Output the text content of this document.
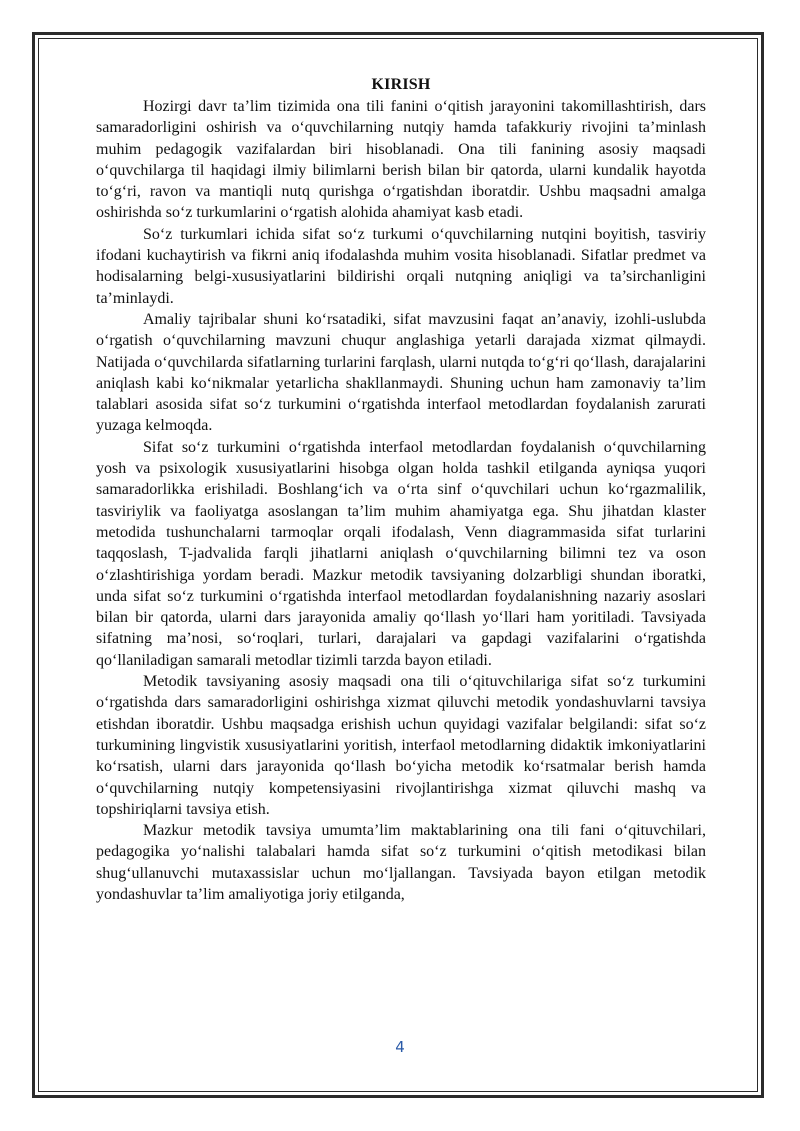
KIRISH

Hozirgi davr ta’lim tizimida ona tili fanini o‘qitish jarayonini takomillashtirish, dars samaradorligini oshirish va o‘quvchilarning nutqiy hamda tafakkuriy rivojini ta’minlash muhim pedagogik vazifalardan biri hisoblanadi. Ona tili fanining asosiy maqsadi o‘quvchilarga til haqidagi ilmiy bilimlarni berish bilan bir qatorda, ularni kundalik hayotda to‘g‘ri, ravon va mantiqli nutq qurishga o‘rgatishdan iboratdir. Ushbu maqsadni amalga oshirishda so‘z turkumlarini o‘rgatish alohida ahamiyat kasb etadi.

So‘z turkumlari ichida sifat so‘z turkumi o‘quvchilarning nutqini boyitish, tasviriy ifodani kuchaytirish va fikrni aniq ifodalashda muhim vosita hisoblanadi. Sifatlar predmet va hodisalarning belgi-xususiyatlarini bildirishi orqali nutqning aniqligi va ta’sirchanligini ta’minlaydi.

Amaliy tajribalar shuni ko‘rsatadiki, sifat mavzusini faqat an’anaviy, izohli-uslubda o‘rgatish o‘quvchilarning mavzuni chuqur anglashiga yetarli darajada xizmat qilmaydi. Natijada o‘quvchilarda sifatlarning turlarini farqlash, ularni nutqda to‘g‘ri qo‘llash, darajalarini aniqlash kabi ko‘nikmalar yetarlicha shakllanmaydi. Shuning uchun ham zamonaviy ta’lim talablari asosida sifat so‘z turkumini o‘rgatishda interfaol metodlardan foydalanish zarurati yuzaga kelmoqda.

Sifat so‘z turkumini o‘rgatishda interfaol metodlardan foydalanish o‘quvchilarning yosh va psixologik xususiyatlarini hisobga olgan holda tashkil etilganda ayniqsa yuqori samaradorlikka erishiladi. Boshlang‘ich va o‘rta sinf o‘quvchilari uchun ko‘rgazmalilik, tasviriylik va faoliyatga asoslangan ta’lim muhim ahamiyatga ega. Shu jihatdan klaster metodida tushunchalarni tarmoqlar orqali ifodalash, Venn diagrammasida sifat turlarini taqqoslash, T-jadvalida farqli jihatlarni aniqlash o‘quvchilarning bilimni tez va oson o‘zlashtirishiga yordam beradi. Mazkur metodik tavsiyaning dolzarbligi shundan iboratki, unda sifat so‘z turkumini o‘rgatishda interfaol metodlardan foydalanishning nazariy asoslari bilan bir qatorda, ularni dars jarayonida amaliy qo‘llash yo‘llari ham yoritiladi. Tavsiyada sifatning ma’nosi, so‘roqlari, turlari, darajalari va gapdagi vazifalarini o‘rgatishda qo‘llaniladigan samarali metodlar tizimli tarzda bayon etiladi.

Metodik tavsiyaning asosiy maqsadi ona tili o‘qituvchilariga sifat so‘z turkumini o‘rgatishda dars samaradorligini oshirishga xizmat qiluvchi metodik yondashuvlarni tavsiya etishdan iboratdir. Ushbu maqsadga erishish uchun quyidagi vazifalar belgilandi: sifat so‘z turkumining lingvistik xususiyatlarini yoritish, interfaol metodlarning didaktik imkoniyatlarini ko‘rsatish, ularni dars jarayonida qo‘llash bo‘yicha metodik ko‘rsatmalar berish hamda o‘quvchilarning nutqiy kompetensiyasini rivojlantirishga xizmat qiluvchi mashq va topshiriqlarni tavsiya etish.

Mazkur metodik tavsiya umumta’lim maktablarining ona tili fani o‘qituvchilari, pedagogika yo‘nalishi talabalari hamda sifat so‘z turkumini o‘qitish metodikasi bilan shug‘ullanuvchi mutaxassislar uchun mo‘ljallangan. Tavsiyada bayon etilgan metodik yondashuvlar ta’lim amaliyotiga joriy etilganda,

4
